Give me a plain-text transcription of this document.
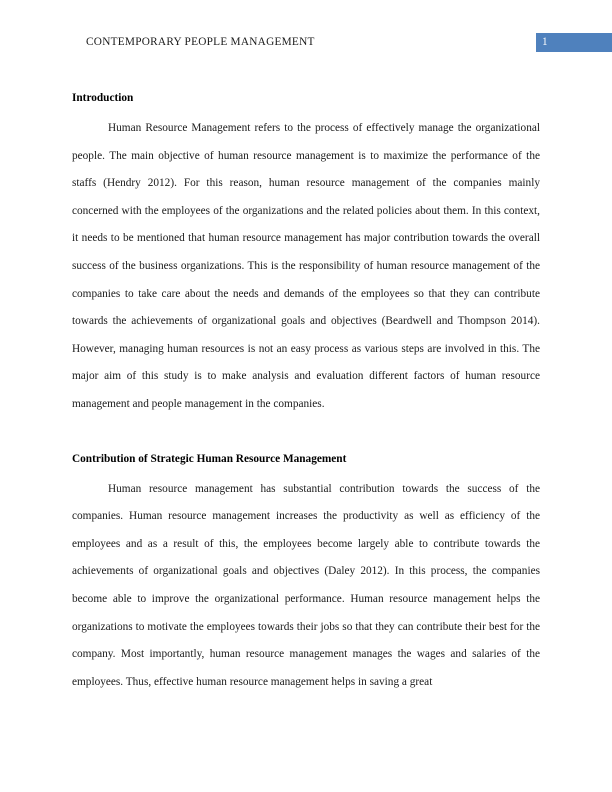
CONTEMPORARY PEOPLE MANAGEMENT	1
Introduction

Human Resource Management refers to the process of effectively manage the organizational people. The main objective of human resource management is to maximize the performance of the staffs (Hendry 2012). For this reason, human resource management of the companies mainly concerned with the employees of the organizations and the related policies about them. In this context, it needs to be mentioned that human resource management has major contribution towards the overall success of the business organizations. This is the responsibility of human resource management of the companies to take care about the needs and demands of the employees so that they can contribute towards the achievements of organizational goals and objectives (Beardwell and Thompson 2014). However, managing human resources is not an easy process as various steps are involved in this. The major aim of this study is to make analysis and evaluation different factors of human resource management and people management in the companies.

Contribution of Strategic Human Resource Management

Human resource management has substantial contribution towards the success of the companies. Human resource management increases the productivity as well as efficiency of the employees and as a result of this, the employees become largely able to contribute towards the achievements of organizational goals and objectives (Daley 2012). In this process, the companies become able to improve the organizational performance. Human resource management helps the organizations to motivate the employees towards their jobs so that they can contribute their best for the company. Most importantly, human resource management manages the wages and salaries of the employees. Thus, effective human resource management helps in saving a great
